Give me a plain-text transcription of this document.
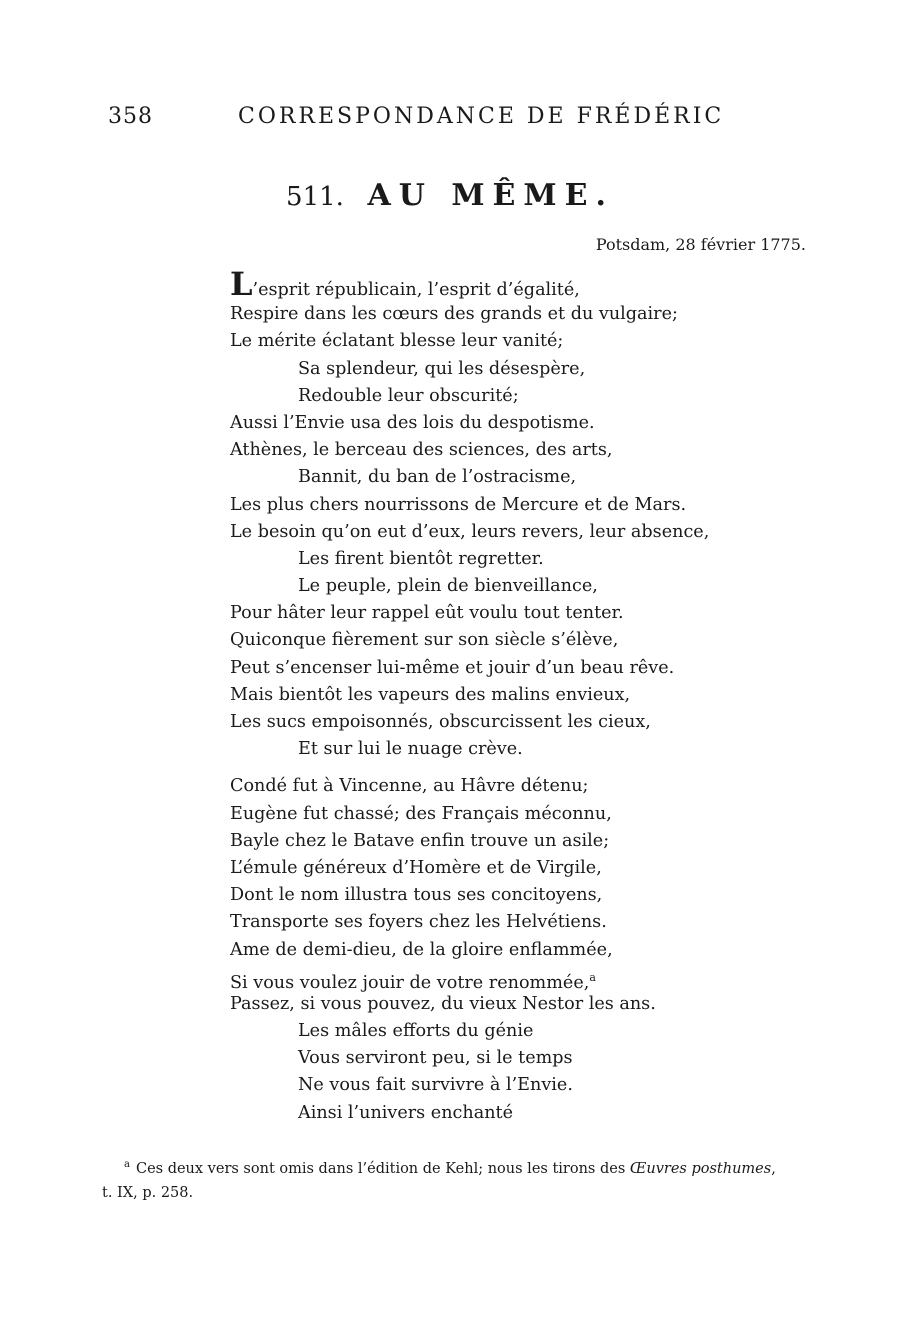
358	CORRESPONDANCE DE FRÉDÉRIC
511. AU MÊME.
Potsdam, 28 février 1775.
L’esprit républicain, l’esprit d’égalité,
Respire dans les cœurs des grands et du vulgaire;
Le mérite éclatant blesse leur vanité;
Sa splendeur, qui les désespère,
Redouble leur obscurité;
Aussi l’Envie usa des lois du despotisme.
Athènes, le berceau des sciences, des arts,
Bannit, du ban de l’ostracisme,
Les plus chers nourrissons de Mercure et de Mars.
Le besoin qu’on eut d’eux, leurs revers, leur absence,
Les firent bientôt regretter.
Le peuple, plein de bienveillance,
Pour hâter leur rappel eût voulu tout tenter.
Quiconque fièrement sur son siècle s’élève,
Peut s’encenser lui-même et jouir d’un beau rêve.
Mais bientôt les vapeurs des malins envieux,
Les sucs empoisonnés, obscurcissent les cieux,
Et sur lui le nuage crève.
Condé fut à Vincenne, au Hâvre détenu;
Eugène fut chassé; des Français méconnu,
Bayle chez le Batave enfin trouve un asile;
L’émule généreux d’Homère et de Virgile,
Dont le nom illustra tous ses concitoyens,
Transporte ses foyers chez les Helvétiens.
Ame de demi-dieu, de la gloire enflammée,
Si vous voulez jouir de votre renommée,$^a$
Passez, si vous pouvez, du vieux Nestor les ans.
Les mâles efforts du génie
Vous serviront peu, si le temps
Ne vous fait survivre à l’Envie.
Ainsi l’univers enchanté
$^a$ Ces deux vers sont omis dans l’édition de Kehl; nous les tirons des Œuvres posthumes,
t. IX, p. 258.
